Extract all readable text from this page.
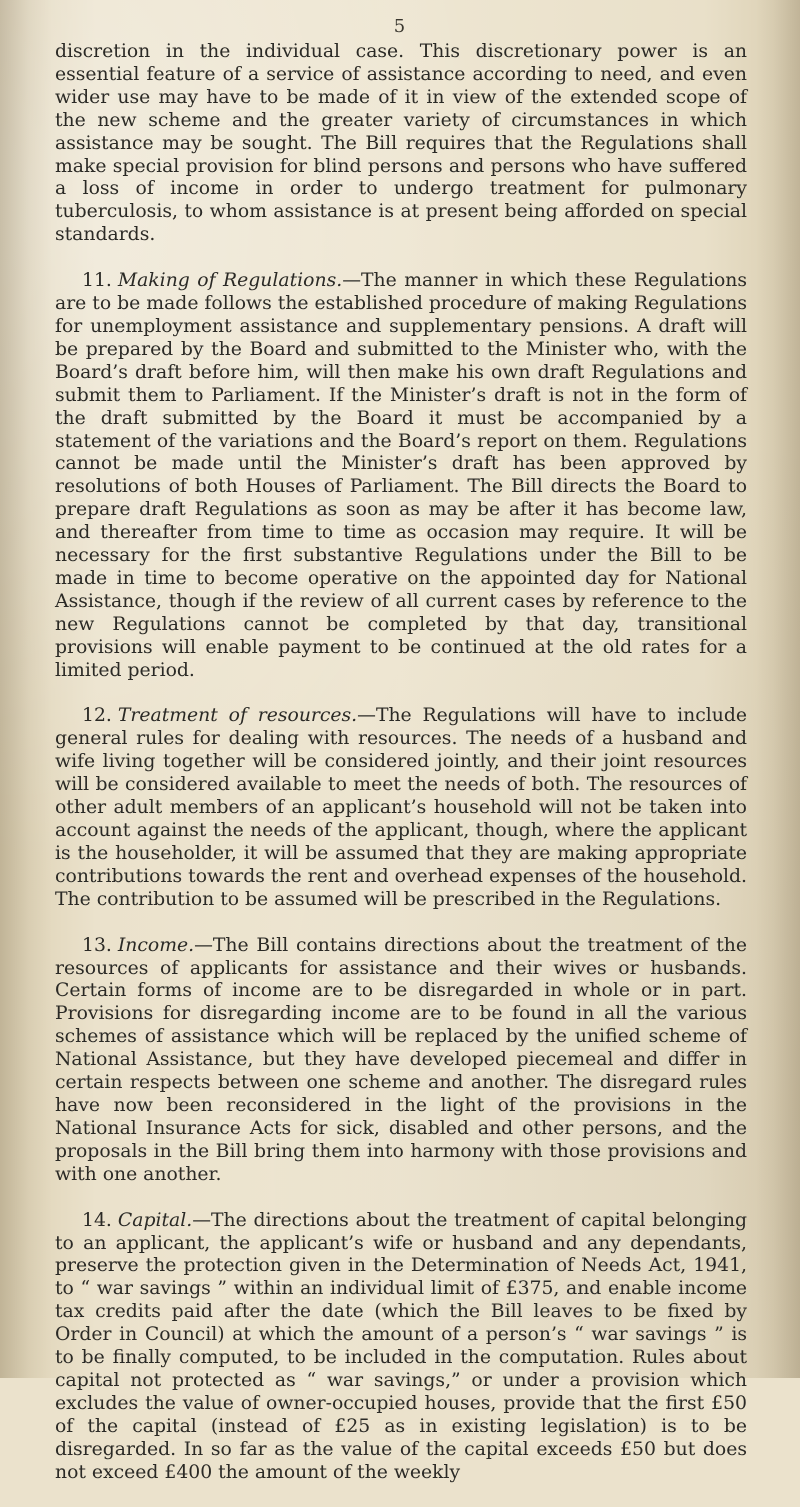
5

discretion in the individual case. This discretionary power is an essential feature of a service of assistance according to need, and even wider use may have to be made of it in view of the extended scope of the new scheme and the greater variety of circumstances in which assistance may be sought. The Bill requires that the Regulations shall make special provision for blind persons and persons who have suffered a loss of income in order to undergo treatment for pulmonary tuberculosis, to whom assistance is at present being afforded on special standards.

11. Making of Regulations.—The manner in which these Regulations are to be made follows the established procedure of making Regulations for unemployment assistance and supplementary pensions. A draft will be prepared by the Board and submitted to the Minister who, with the Board’s draft before him, will then make his own draft Regulations and submit them to Parliament. If the Minister’s draft is not in the form of the draft submitted by the Board it must be accompanied by a statement of the variations and the Board’s report on them. Regulations cannot be made until the Minister’s draft has been approved by resolutions of both Houses of Parliament. The Bill directs the Board to prepare draft Regulations as soon as may be after it has become law, and thereafter from time to time as occasion may require. It will be necessary for the first substantive Regulations under the Bill to be made in time to become operative on the appointed day for National Assistance, though if the review of all current cases by reference to the new Regulations cannot be completed by that day, transitional provisions will enable payment to be continued at the old rates for a limited period.

12. Treatment of resources.—The Regulations will have to include general rules for dealing with resources. The needs of a husband and wife living together will be considered jointly, and their joint resources will be considered available to meet the needs of both. The resources of other adult members of an applicant’s household will not be taken into account against the needs of the applicant, though, where the applicant is the householder, it will be assumed that they are making appropriate contributions towards the rent and overhead expenses of the household. The contribution to be assumed will be prescribed in the Regulations.

13. Income.—The Bill contains directions about the treatment of the resources of applicants for assistance and their wives or husbands. Certain forms of income are to be disregarded in whole or in part. Provisions for disregarding income are to be found in all the various schemes of assistance which will be replaced by the unified scheme of National Assistance, but they have developed piecemeal and differ in certain respects between one scheme and another. The disregard rules have now been reconsidered in the light of the provisions in the National Insurance Acts for sick, disabled and other persons, and the proposals in the Bill bring them into harmony with those provisions and with one another.

14. Capital.—The directions about the treatment of capital belonging to an applicant, the applicant’s wife or husband and any dependants, preserve the protection given in the Determination of Needs Act, 1941, to “ war savings ” within an individual limit of £375, and enable income tax credits paid after the date (which the Bill leaves to be fixed by Order in Council) at which the amount of a person’s “ war savings ” is to be finally computed, to be included in the computation. Rules about capital not protected as “ war savings,” or under a provision which excludes the value of owner-occupied houses, provide that the first £50 of the capital (instead of £25 as in existing legislation) is to be disregarded. In so far as the value of the capital exceeds £50 but does not exceed £400 the amount of the weekly
